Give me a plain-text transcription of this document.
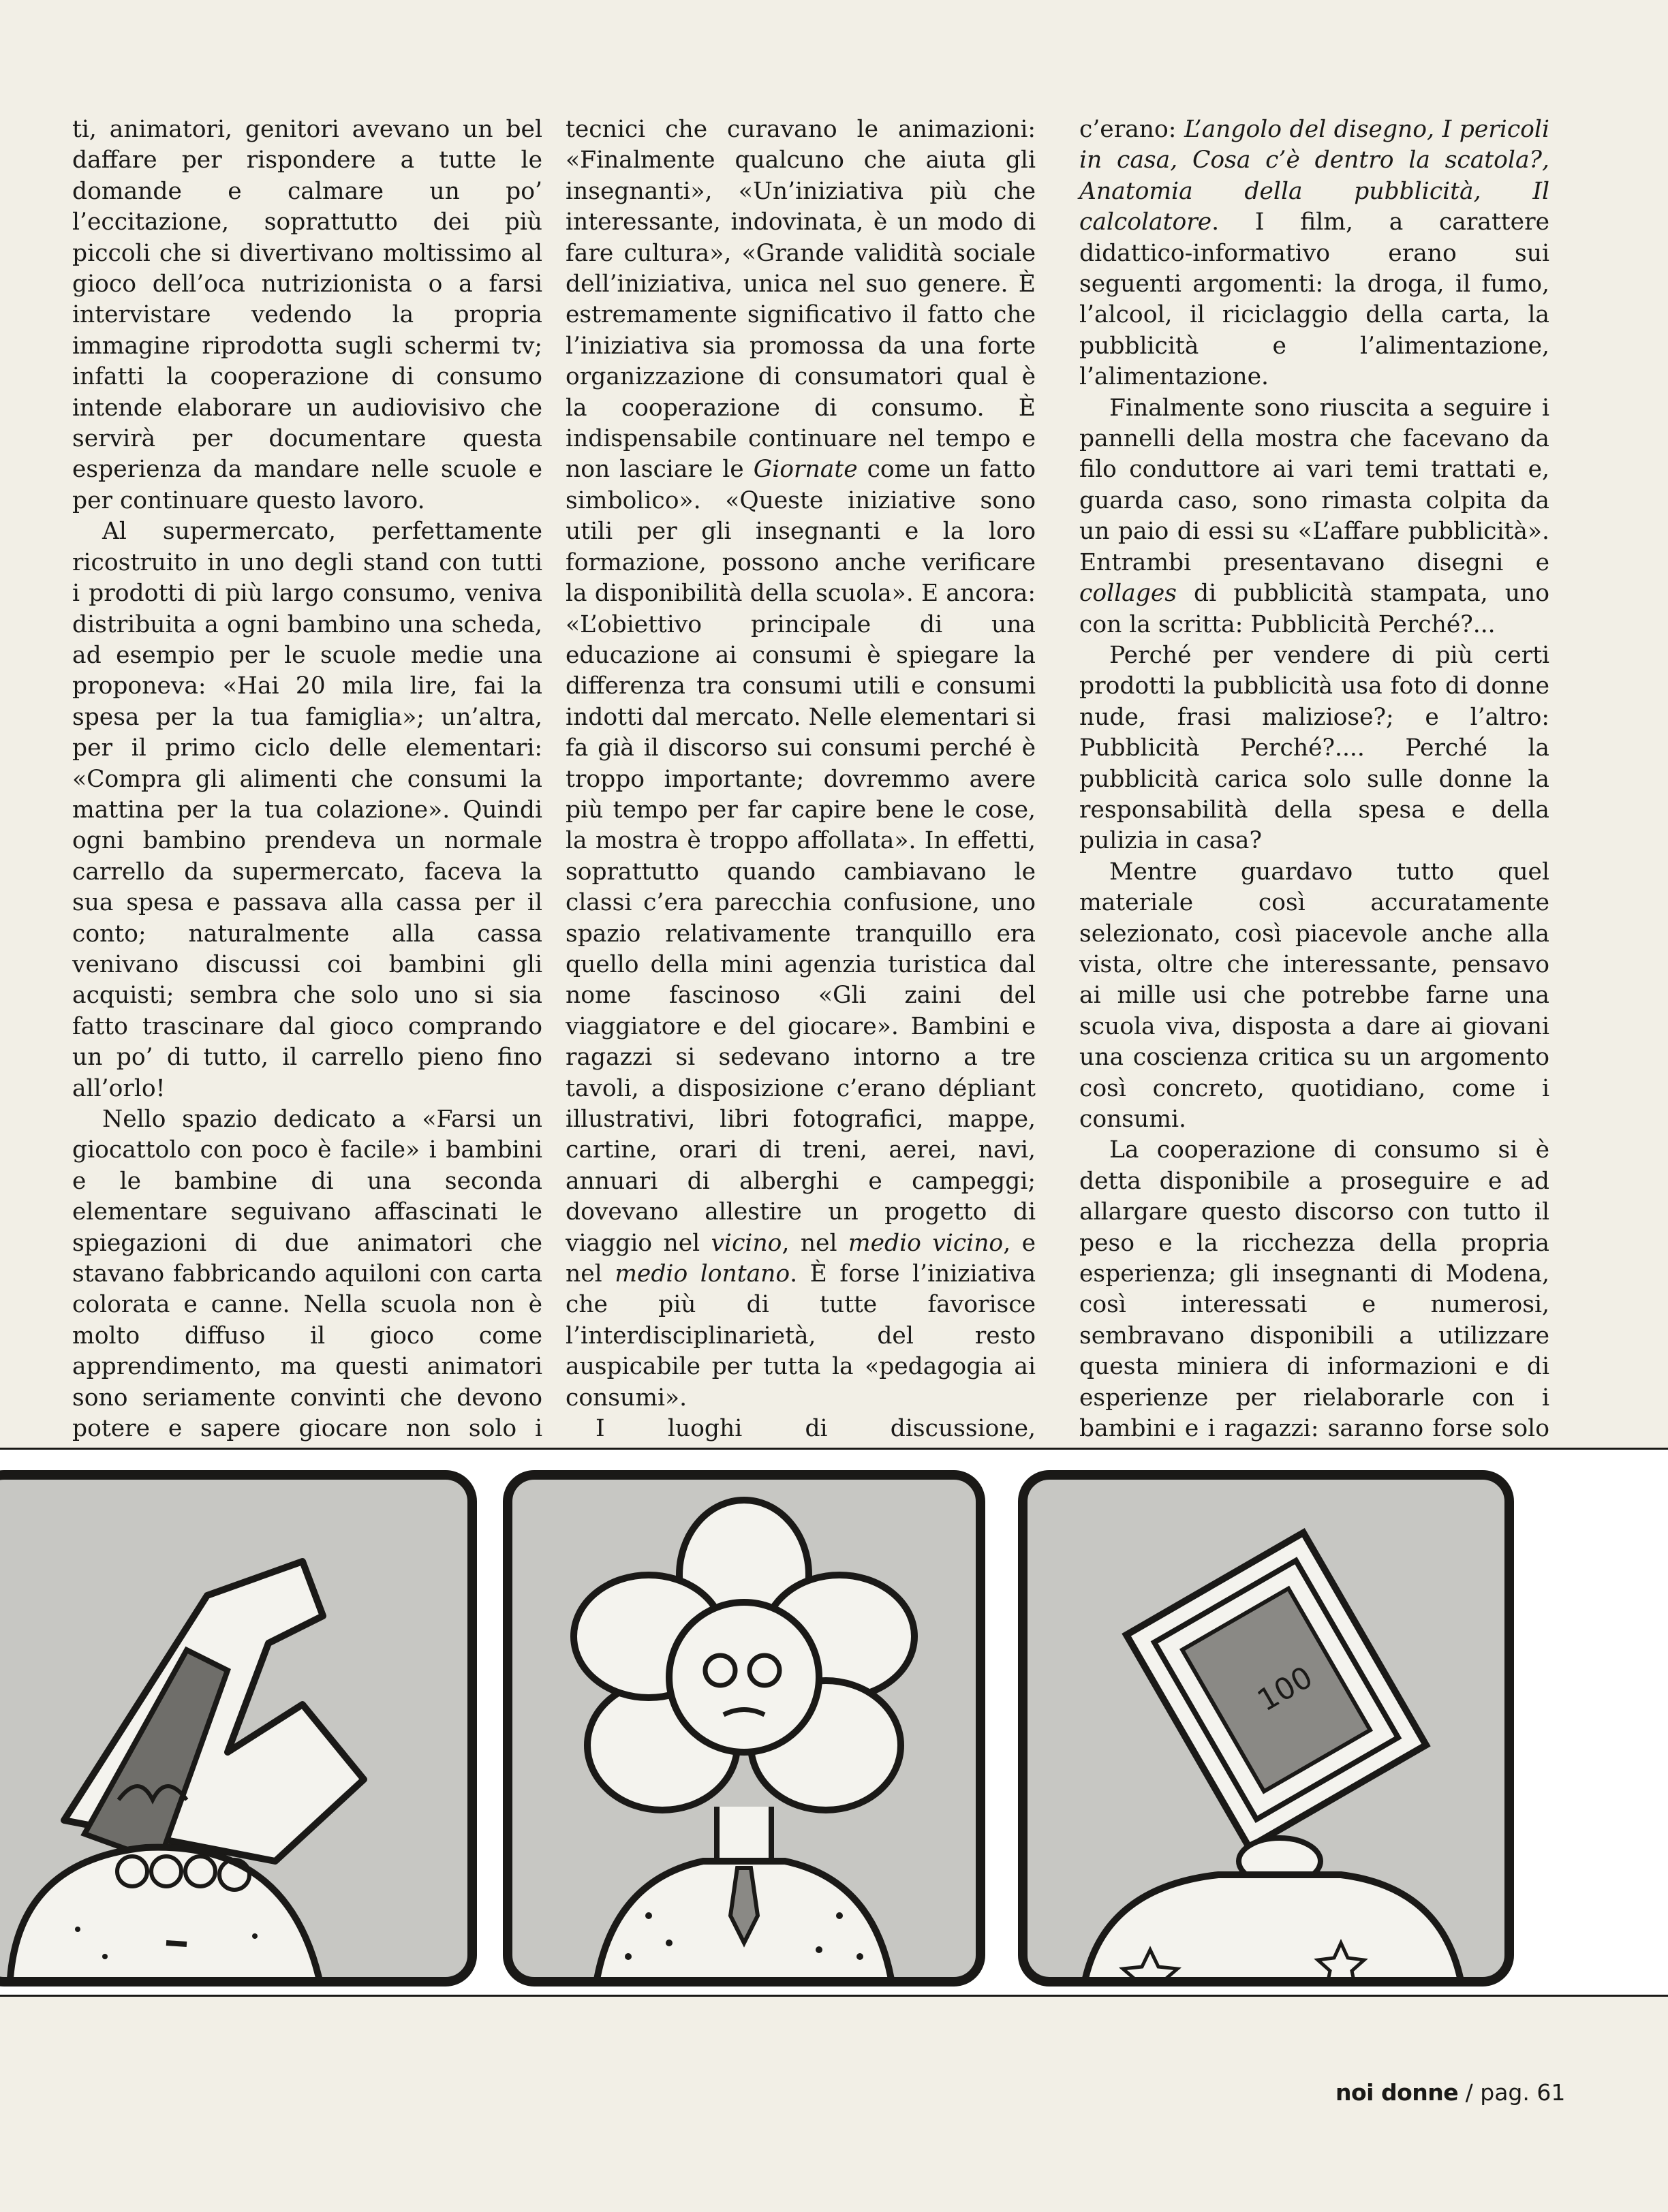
ti, animatori, genitori avevano un bel daffare per rispondere a tutte le domande e calmare un po’ l’eccitazione, soprattutto dei più piccoli che si divertivano moltissimo al gioco dell’oca nutrizionista o a farsi intervistare vedendo la propria immagine riprodotta sugli schermi tv; infatti la cooperazione di consumo intende elaborare un audiovisivo che servirà per documentare questa esperienza da mandare nelle scuole e per continuare questo lavoro.

Al supermercato, perfettamente ricostruito in uno degli stand con tutti i prodotti di più largo consumo, veniva distribuita a ogni bambino una scheda, ad esempio per le scuole medie una proponeva: «Hai 20 mila lire, fai la spesa per la tua famiglia»; un’altra, per il primo ciclo delle elementari: «Compra gli alimenti che consumi la mattina per la tua colazione». Quindi ogni bambino prendeva un normale carrello da supermercato, faceva la sua spesa e passava alla cassa per il conto; naturalmente alla cassa venivano discussi coi bambini gli acquisti; sembra che solo uno si sia fatto trascinare dal gioco comprando un po’ di tutto, il carrello pieno fino all’orlo!

Nello spazio dedicato a «Farsi un giocattolo con poco è facile» i bambini e le bambine di una seconda elementare seguivano affascinati le spiegazioni di due animatori che stavano fabbricando aquiloni con carta colorata e canne. Nella scuola non è molto diffuso il gioco come apprendimento, ma questi animatori sono seriamente convinti che devono potere e sapere giocare non solo i

tecnici che curavano le animazioni: «Finalmente qualcuno che aiuta gli insegnanti», «Un’iniziativa più che interessante, indovinata, è un modo di fare cultura», «Grande validità sociale dell’iniziativa, unica nel suo genere. È estremamente significativo il fatto che l’iniziativa sia promossa da una forte organizzazione di consumatori qual è la cooperazione di consumo. È indispensabile continuare nel tempo e non lasciare le Giornate come un fatto simbolico». «Queste iniziative sono utili per gli insegnanti e la loro formazione, possono anche verificare la disponibilità della scuola». E ancora: «L’obiettivo principale di una educazione ai consumi è spiegare la differenza tra consumi utili e consumi indotti dal mercato. Nelle elementari si fa già il discorso sui consumi perché è troppo importante; dovremmo avere più tempo per far capire bene le cose, la mostra è troppo affollata». In effetti, soprattutto quando cambiavano le classi c’era parecchia confusione, uno spazio relativamente tranquillo era quello della mini agenzia turistica dal nome fascinoso «Gli zaini del viaggiatore e del giocare». Bambini e ragazzi si sedevano intorno a tre tavoli, a disposizione c’erano dépliant illustrativi, libri fotografici, mappe, cartine, orari di treni, aerei, navi, annuari di alberghi e campeggi; dovevano allestire un progetto di viaggio nel vicino, nel medio vicino, e nel medio lontano. È forse l’iniziativa che più di tutte favorisce l’interdisciplinarietà, del resto auspicabile per tutta la «pedagogia ai consumi».

I luoghi di discussione,

c’erano: L’angolo del disegno, I pericoli in casa, Cosa c’è dentro la scatola?, Anatomia della pubblicità, Il calcolatore. I film, a carattere didattico-informativo erano sui seguenti argomenti: la droga, il fumo, l’alcool, il riciclaggio della carta, la pubblicità e l’alimentazione, l’alimentazione.

Finalmente sono riuscita a seguire i pannelli della mostra che facevano da filo conduttore ai vari temi trattati e, guarda caso, sono rimasta colpita da un paio di essi su «L’affare pubblicità». Entrambi presentavano disegni e collages di pubblicità stampata, uno con la scritta: Pubblicità Perché?...

Perché per vendere di più certi prodotti la pubblicità usa foto di donne nude, frasi maliziose?; e l’altro: Pubblicità Perché?.... Perché la pubblicità carica solo sulle donne la responsabilità della spesa e della pulizia in casa?

Mentre guardavo tutto quel materiale così accuratamente selezionato, così piacevole anche alla vista, oltre che interessante, pensavo ai mille usi che potrebbe farne una scuola viva, disposta a dare ai giovani una coscienza critica su un argomento così concreto, quotidiano, come i consumi.

La cooperazione di consumo si è detta disponibile a proseguire e ad allargare questo discorso con tutto il peso e la ricchezza della propria esperienza; gli insegnanti di Modena, così interessati e numerosi, sembravano disponibili a utilizzare questa miniera di informazioni e di esperienze per rielaborarle con i bambini e i ragazzi: saranno forse solo

100
noi donne / pag. 61
